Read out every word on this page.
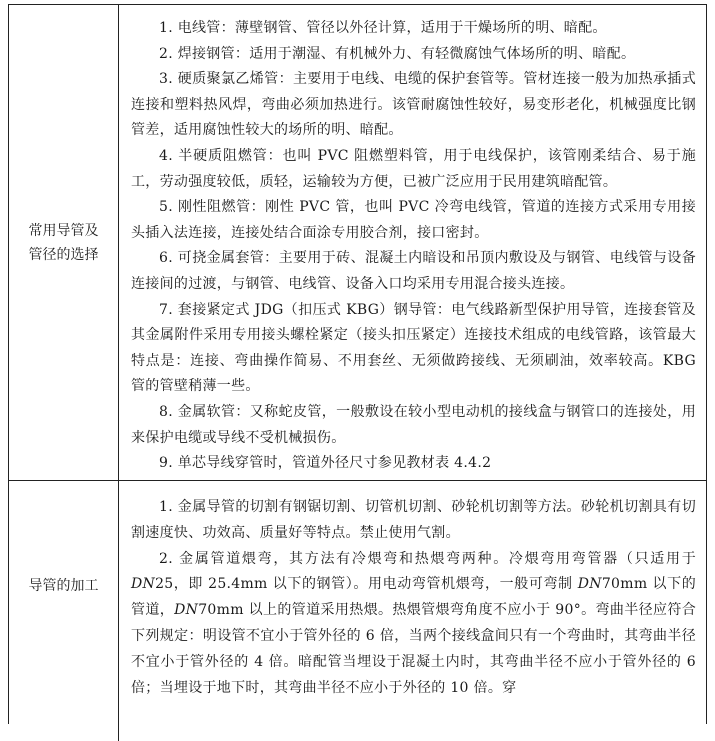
常用导管及
管径的选择

1. 电线管：薄壁钢管、管径以外径计算，适用于干燥场所的明、暗配。

2. 焊接钢管：适用于潮湿、有机械外力、有轻微腐蚀气体场所的明、暗配。

3. 硬质聚氯乙烯管：主要用于电线、电缆的保护套管等。管材连接一般为加热承插式连接和塑料热风焊，弯曲必须加热进行。该管耐腐蚀性较好，易变形老化，机械强度比钢管差，适用腐蚀性较大的场所的明、暗配。

4. 半硬质阻燃管：也叫 PVC 阻燃塑料管，用于电线保护，该管刚柔结合、易于施工，劳动强度较低，质轻，运输较为方便，已被广泛应用于民用建筑暗配管。

5. 刚性阻燃管：刚性 PVC 管，也叫 PVC 冷弯电线管，管道的连接方式采用专用接头插入法连接，连接处结合面涂专用胶合剂，接口密封。

6. 可挠金属套管：主要用于砖、混凝土内暗设和吊顶内敷设及与钢管、电线管与设备连接间的过渡，与钢管、电线管、设备入口均采用专用混合接头连接。

7. 套接紧定式 JDG（扣压式 KBG）钢导管：电气线路新型保护用导管，连接套管及其金属附件采用专用接头螺栓紧定（接头扣压紧定）连接技术组成的电线管路，该管最大特点是：连接、弯曲操作简易、不用套丝、无须做跨接线、无须刷油，效率较高。KBG 管的管壁稍薄一些。

8. 金属软管：又称蛇皮管，一般敷设在较小型电动机的接线盒与钢管口的连接处，用来保护电缆或导线不受机械损伤。

9. 单芯导线穿管时，管道外径尺寸参见教材表 4.4.2

导管的加工

1. 金属导管的切割有钢锯切割、切管机切割、砂轮机切割等方法。砂轮机切割具有切割速度快、功效高、质量好等特点。禁止使用气割。

2. 金属管道煨弯，其方法有冷煨弯和热煨弯两种。冷煨弯用弯管器（只适用于DN25，即 25.4mm 以下的钢管）。用电动弯管机煨弯，一般可弯制 DN70mm 以下的管道，DN70mm 以上的管道采用热煨。热煨管煨弯角度不应小于 90°。弯曲半径应符合下列规定：明设管不宜小于管外径的 6 倍，当两个接线盒间只有一个弯曲时，其弯曲半径不宜小于管外径的 4 倍。暗配管当埋设于混凝土内时，其弯曲半径不应小于管外径的 6 倍；当埋设于地下时，其弯曲半径不应小于外径的 10 倍。穿
